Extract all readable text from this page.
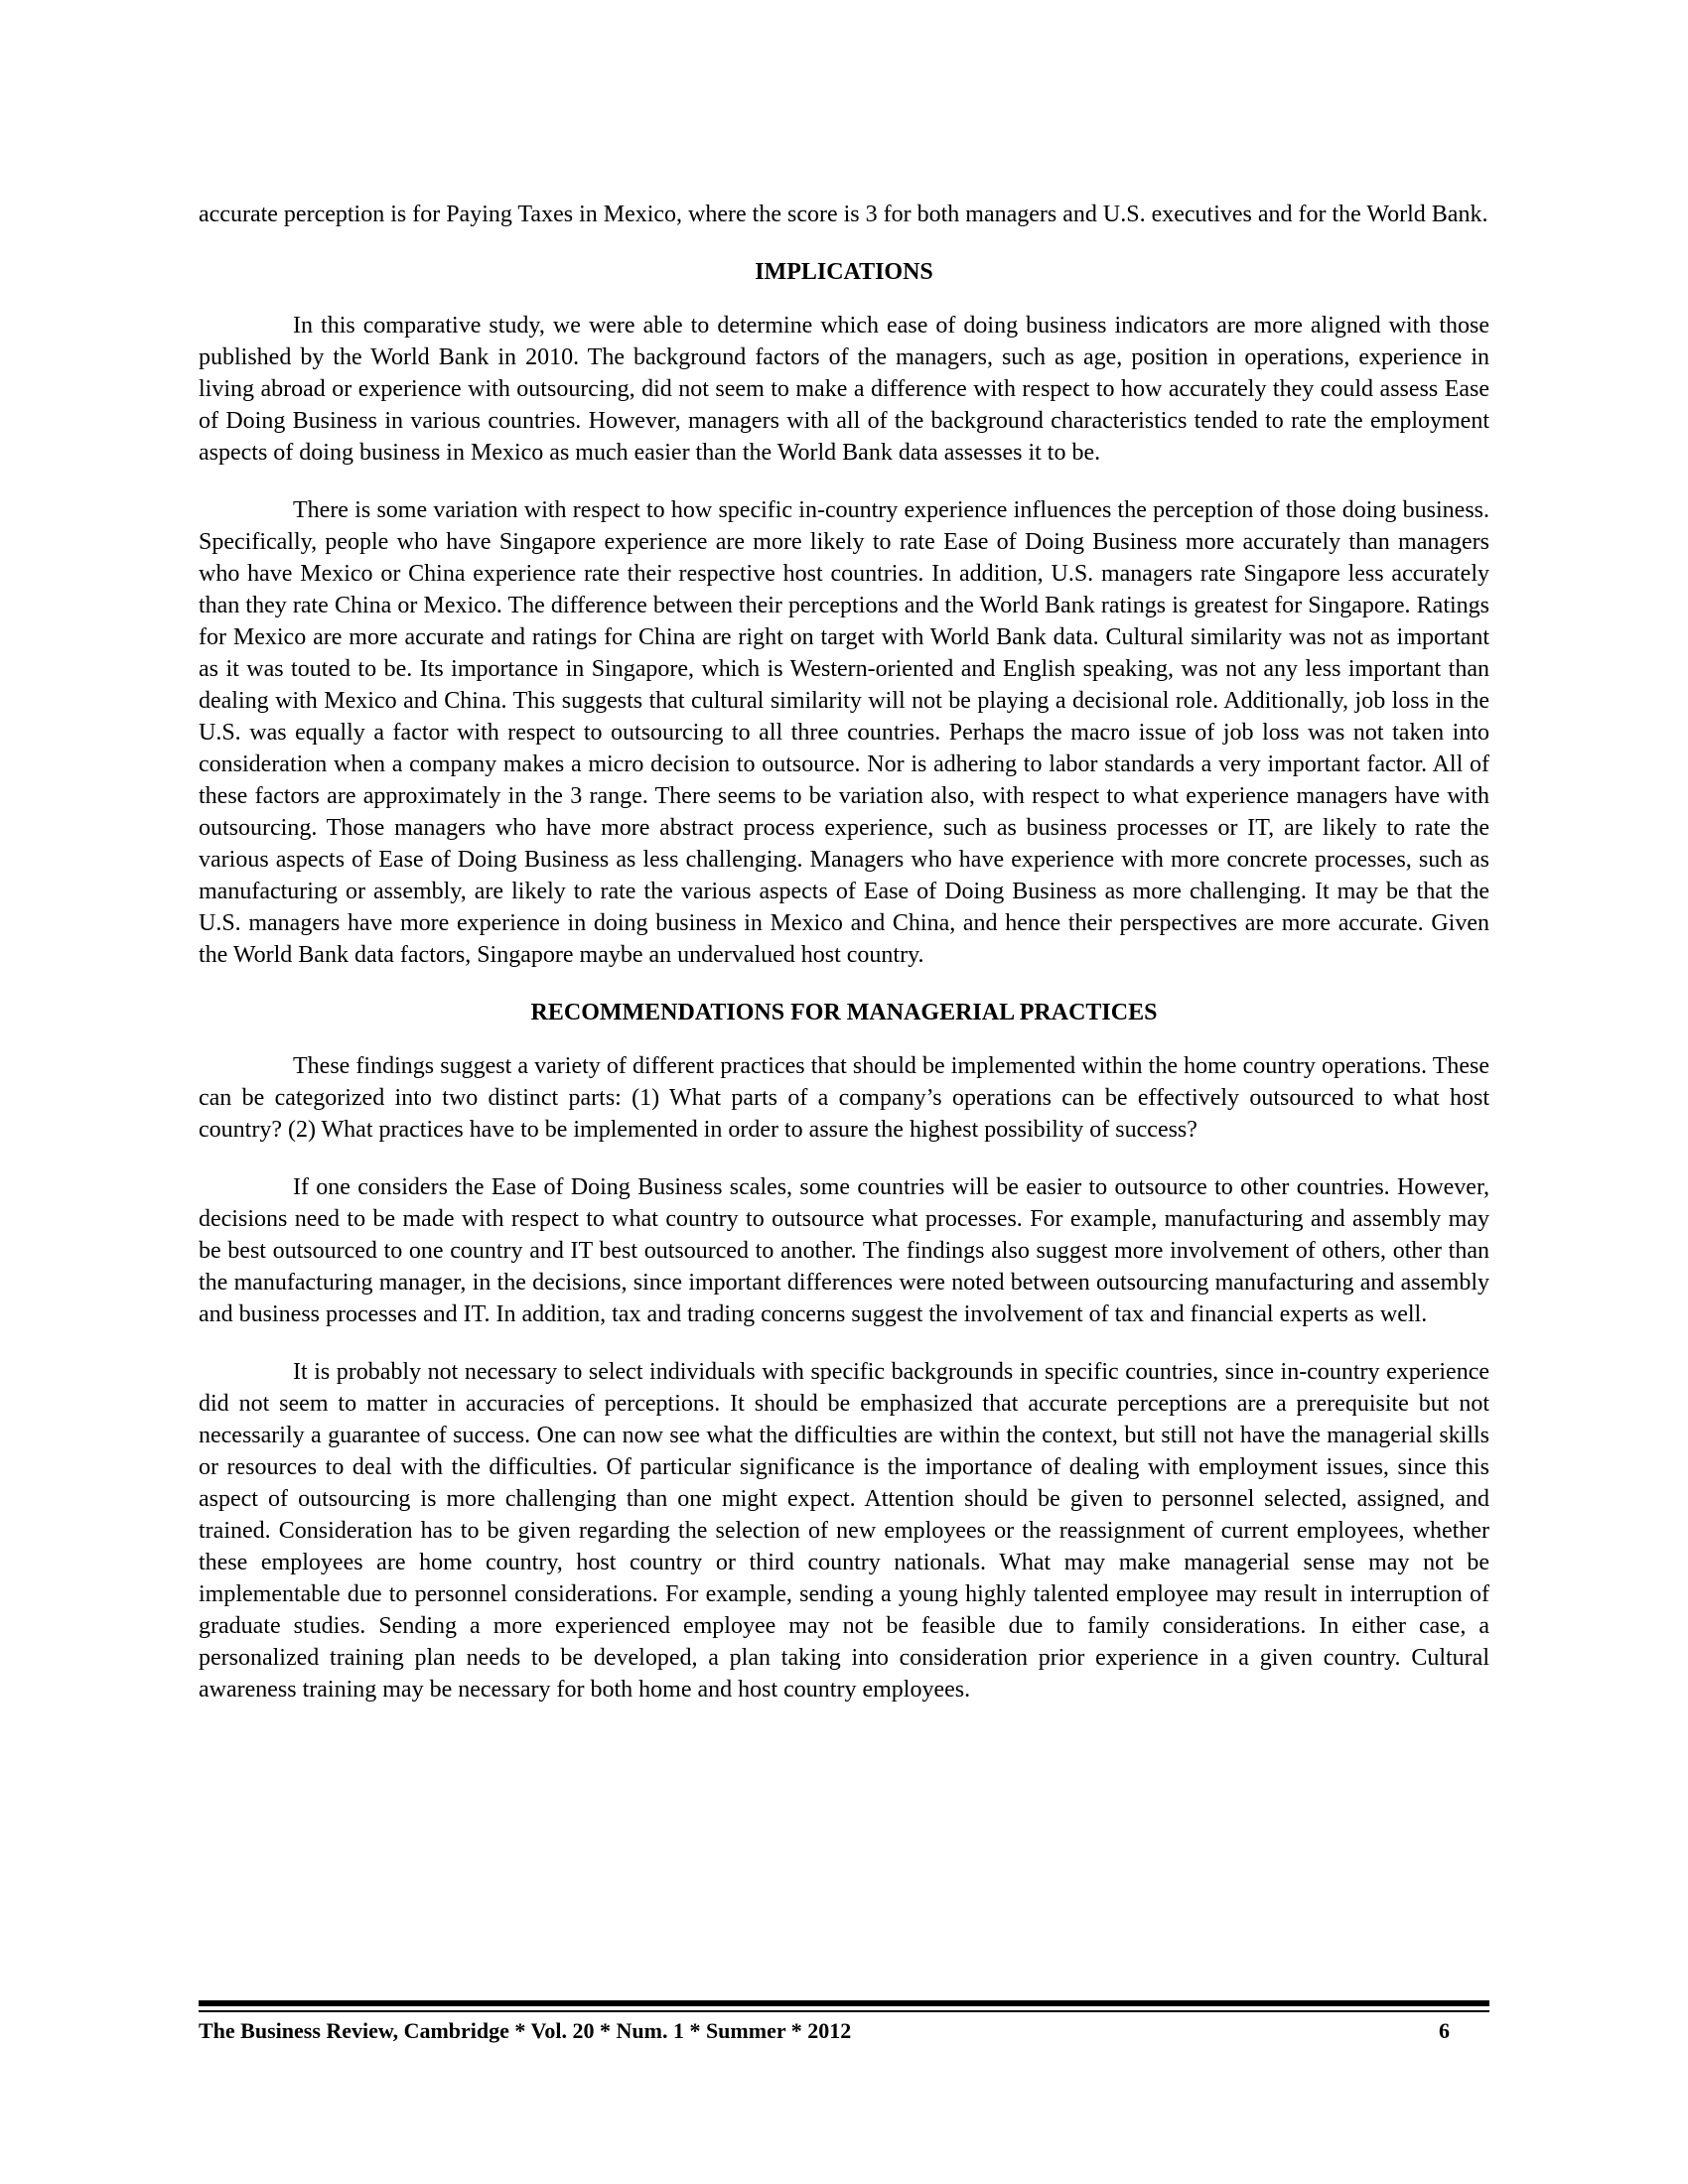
accurate perception is for Paying Taxes in Mexico, where the score is 3 for both managers and U.S. executives and for the World Bank.

IMPLICATIONS

In this comparative study, we were able to determine which ease of doing business indicators are more aligned with those published by the World Bank in 2010. The background factors of the managers, such as age, position in operations, experience in living abroad or experience with outsourcing, did not seem to make a difference with respect to how accurately they could assess Ease of Doing Business in various countries. However, managers with all of the background characteristics tended to rate the employment aspects of doing business in Mexico as much easier than the World Bank data assesses it to be.

There is some variation with respect to how specific in-country experience influences the perception of those doing business. Specifically, people who have Singapore experience are more likely to rate Ease of Doing Business more accurately than managers who have Mexico or China experience rate their respective host countries. In addition, U.S. managers rate Singapore less accurately than they rate China or Mexico. The difference between their perceptions and the World Bank ratings is greatest for Singapore. Ratings for Mexico are more accurate and ratings for China are right on target with World Bank data. Cultural similarity was not as important as it was touted to be. Its importance in Singapore, which is Western-oriented and English speaking, was not any less important than dealing with Mexico and China. This suggests that cultural similarity will not be playing a decisional role. Additionally, job loss in the U.S. was equally a factor with respect to outsourcing to all three countries. Perhaps the macro issue of job loss was not taken into consideration when a company makes a micro decision to outsource. Nor is adhering to labor standards a very important factor. All of these factors are approximately in the 3 range. There seems to be variation also, with respect to what experience managers have with outsourcing. Those managers who have more abstract process experience, such as business processes or IT, are likely to rate the various aspects of Ease of Doing Business as less challenging. Managers who have experience with more concrete processes, such as manufacturing or assembly, are likely to rate the various aspects of Ease of Doing Business as more challenging. It may be that the U.S. managers have more experience in doing business in Mexico and China, and hence their perspectives are more accurate. Given the World Bank data factors, Singapore maybe an undervalued host country.

RECOMMENDATIONS FOR MANAGERIAL PRACTICES

These findings suggest a variety of different practices that should be implemented within the home country operations. These can be categorized into two distinct parts: (1) What parts of a company’s operations can be effectively outsourced to what host country? (2) What practices have to be implemented in order to assure the highest possibility of success?

If one considers the Ease of Doing Business scales, some countries will be easier to outsource to other countries. However, decisions need to be made with respect to what country to outsource what processes. For example, manufacturing and assembly may be best outsourced to one country and IT best outsourced to another. The findings also suggest more involvement of others, other than the manufacturing manager, in the decisions, since important differences were noted between outsourcing manufacturing and assembly and business processes and IT. In addition, tax and trading concerns suggest the involvement of tax and financial experts as well.

It is probably not necessary to select individuals with specific backgrounds in specific countries, since in-country experience did not seem to matter in accuracies of perceptions. It should be emphasized that accurate perceptions are a prerequisite but not necessarily a guarantee of success. One can now see what the difficulties are within the context, but still not have the managerial skills or resources to deal with the difficulties. Of particular significance is the importance of dealing with employment issues, since this aspect of outsourcing is more challenging than one might expect. Attention should be given to personnel selected, assigned, and trained. Consideration has to be given regarding the selection of new employees or the reassignment of current employees, whether these employees are home country, host country or third country nationals. What may make managerial sense may not be implementable due to personnel considerations. For example, sending a young highly talented employee may result in interruption of graduate studies. Sending a more experienced employee may not be feasible due to family considerations. In either case, a personalized training plan needs to be developed, a plan taking into consideration prior experience in a given country. Cultural awareness training may be necessary for both home and host country employees.

The Business Review, Cambridge * Vol. 20 * Num. 1 * Summer * 2012	6
